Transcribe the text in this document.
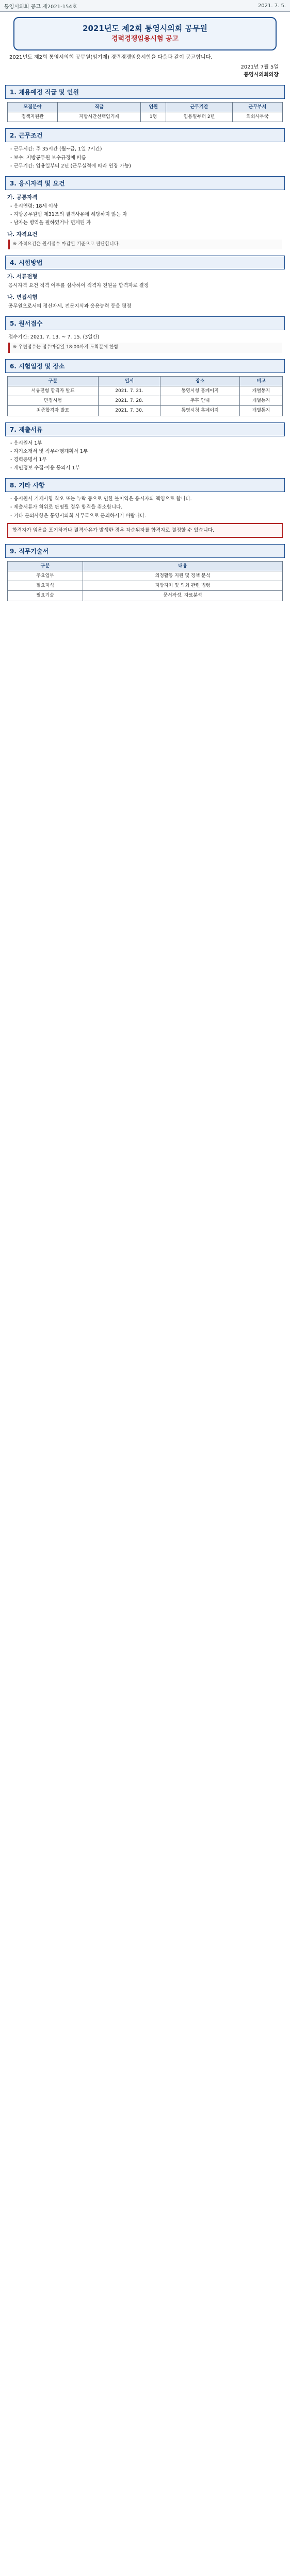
통영시의회 공고 제2021-154호	2021. 7. 5.
2021년도 제2회 통영시의회 공무원
경력경쟁임용시험 공고
2021년도 제2회 통영시의회 공무원(임기제) 경력경쟁임용시험을 다음과 같이 공고합니다.
2021년 7월 5일
통영시의회의장
1. 채용예정 직급 및 인원
모집분야	직급	인원	근무기간	근무부서
정책지원관	지방시간선택임기제	1명	임용일부터 2년	의회사무국
2. 근무조건
- 근무시간: 주 35시간 (월~금, 1일 7시간)
- 보수: 지방공무원 보수규정에 따름
- 근무기간: 임용일부터 2년 (근무실적에 따라 연장 가능)
3. 응시자격 및 요건
가. 공통자격
- 응시연령: 18세 이상
- 지방공무원법 제31조의 결격사유에 해당하지 않는 자
- 남자는 병역을 필하였거나 면제된 자
나. 자격요건
※ 자격요건은 원서접수 마감일 기준으로 판단합니다.
4. 시험방법
가. 서류전형
응시자격 요건 적격 여부를 심사하여 적격자 전원을 합격자로 결정
나. 면접시험
공무원으로서의 정신자세, 전문지식과 응용능력 등을 평정
5. 원서접수
접수기간: 2021. 7. 13. ~ 7. 15. (3일간)
※ 우편접수는 접수마감일 18:00까지 도착분에 한함
6. 시험일정 및 장소
구분	일시	장소	비고
서류전형 합격자 발표	2021. 7. 21.	통영시청 홈페이지	개별통지
면접시험	2021. 7. 28.	추후 안내	개별통지
최종합격자 발표	2021. 7. 30.	통영시청 홈페이지	개별통지
7. 제출서류
- 응시원서 1부
- 자기소개서 및 직무수행계획서 1부
- 경력증명서 1부
- 개인정보 수집·이용 동의서 1부
8. 기타 사항
- 응시원서 기재사항 착오 또는 누락 등으로 인한 불이익은 응시자의 책임으로 합니다.
- 제출서류가 허위로 판명될 경우 합격을 취소합니다.
- 기타 문의사항은 통영시의회 사무국으로 문의하시기 바랍니다.
합격자가 임용을 포기하거나 결격사유가 발생한 경우 차순위자를 합격자로 결정할 수 있습니다.
9. 직무기술서
구분	내용
주요업무	의정활동 지원 및 정책 분석
필요지식	지방자치 및 의회 관련 법령
필요기술	문서작성, 자료분석
